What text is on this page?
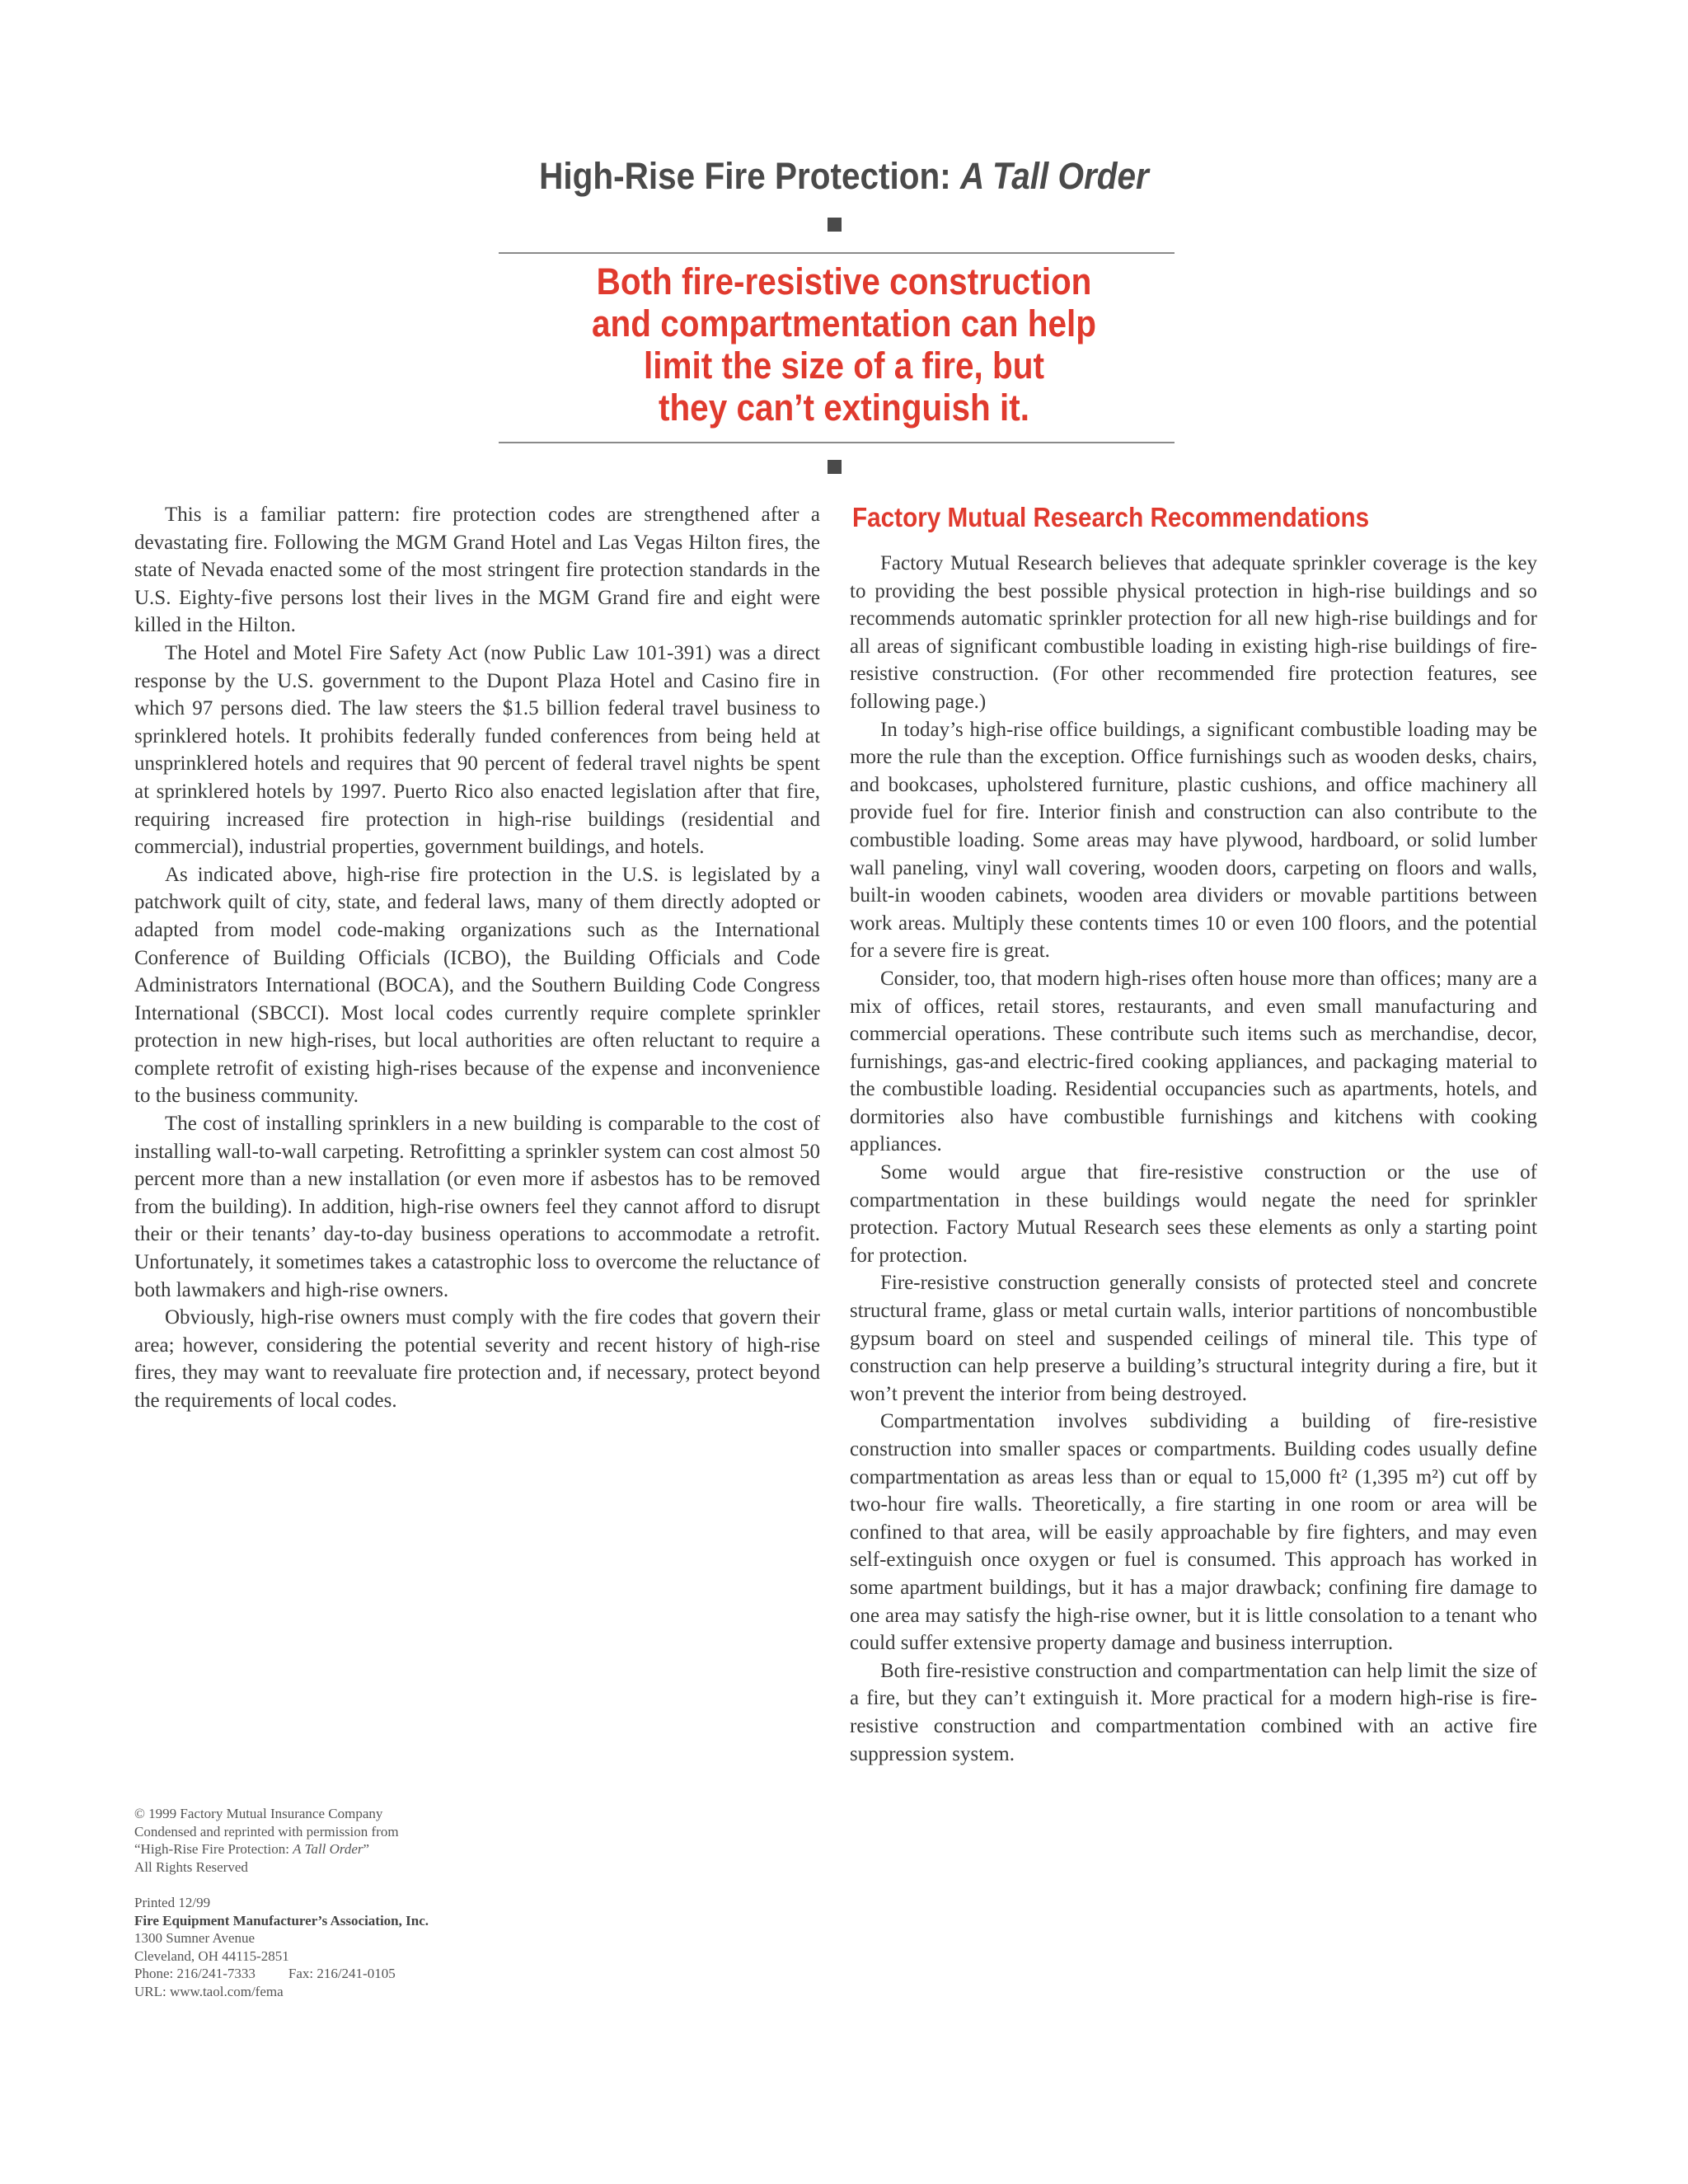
High-Rise Fire Protection: A Tall Order
Both fire-resistive construction
and compartmentation can help
limit the size of a fire, but
they can’t extinguish it.

This is a familiar pattern: fire protection codes are strengthened after a devastating fire. Following the MGM Grand Hotel and Las Vegas Hilton fires, the state of Nevada enacted some of the most stringent fire protection standards in the U.S. Eighty-five persons lost their lives in the MGM Grand fire and eight were killed in the Hilton.

The Hotel and Motel Fire Safety Act (now Public Law 101-391) was a direct response by the U.S. government to the Dupont Plaza Hotel and Casino fire in which 97 persons died. The law steers the $1.5 billion federal travel business to sprinklered hotels. It prohibits federally funded conferences from being held at unsprinklered hotels and requires that 90 percent of federal travel nights be spent at sprinklered hotels by 1997. Puerto Rico also enacted legislation after that fire, requiring increased fire protection in high-rise buildings (residential and commercial), industrial properties, government buildings, and hotels.

As indicated above, high-rise fire protection in the U.S. is legislated by a patchwork quilt of city, state, and federal laws, many of them directly adopted or adapted from model code-making organizations such as the International Conference of Building Officials (ICBO), the Building Officials and Code Administrators International (BOCA), and the Southern Building Code Congress International (SBCCI). Most local codes currently require complete sprinkler protection in new high-rises, but local authorities are often reluctant to require a complete retrofit of existing high-rises because of the expense and inconvenience to the business community.

The cost of installing sprinklers in a new building is comparable to the cost of installing wall-to-wall carpeting. Retrofitting a sprinkler system can cost almost 50 percent more than a new installation (or even more if asbestos has to be removed from the building). In addition, high-rise owners feel they cannot afford to disrupt their or their tenants’ day-to-day business operations to accommodate a retrofit. Unfortunately, it sometimes takes a catastrophic loss to overcome the reluctance of both lawmakers and high-rise owners.

Obviously, high-rise owners must comply with the fire codes that govern their area; however, considering the potential severity and recent history of high-rise fires, they may want to reevaluate fire protection and, if necessary, protect beyond the requirements of local codes.

Factory Mutual Research Recommendations

Factory Mutual Research believes that adequate sprinkler coverage is the key to providing the best possible physical protection in high-rise buildings and so recommends automatic sprinkler protection for all new high-rise buildings and for all areas of significant combustible loading in existing high-rise buildings of fire-resistive construction. (For other recommended fire protection features, see following page.)

In today’s high-rise office buildings, a significant combustible loading may be more the rule than the exception. Office furnishings such as wooden desks, chairs, and bookcases, upholstered furniture, plastic cushions, and office machinery all provide fuel for fire. Interior finish and construction can also contribute to the combustible loading. Some areas may have plywood, hardboard, or solid lumber wall paneling, vinyl wall covering, wooden doors, carpeting on floors and walls, built-in wooden cabinets, wooden area dividers or movable partitions between work areas. Multiply these contents times 10 or even 100 floors, and the potential for a severe fire is great.

Consider, too, that modern high-rises often house more than offices; many are a mix of offices, retail stores, restaurants, and even small manufacturing and commercial operations. These contribute such items such as merchandise, decor, furnishings, gas-and electric-fired cooking appliances, and packaging material to the combustible loading. Residential occupancies such as apartments, hotels, and dormitories also have combustible furnishings and kitchens with cooking appliances.

Some would argue that fire-resistive construction or the use of compartmentation in these buildings would negate the need for sprinkler protection. Factory Mutual Research sees these elements as only a starting point for protection.

Fire-resistive construction generally consists of protected steel and concrete structural frame, glass or metal curtain walls, interior partitions of noncombustible gypsum board on steel and suspended ceilings of mineral tile. This type of construction can help preserve a building’s structural integrity during a fire, but it won’t prevent the interior from being destroyed.

Compartmentation involves subdividing a building of fire-resistive construction into smaller spaces or compartments. Building codes usually define compartmentation as areas less than or equal to 15,000 ft² (1,395 m²) cut off by two-hour fire walls. Theoretically, a fire starting in one room or area will be confined to that area, will be easily approachable by fire fighters, and may even self-extinguish once oxygen or fuel is consumed. This approach has worked in some apartment buildings, but it has a major drawback; confining fire damage to one area may satisfy the high-rise owner, but it is little consolation to a tenant who could suffer extensive property damage and business interruption.

Both fire-resistive construction and compartmentation can help limit the size of a fire, but they can’t extinguish it. More practical for a modern high-rise is fire-resistive construction and compartmentation combined with an active fire suppression system.

© 1999 Factory Mutual Insurance Company
Condensed and reprinted with permission from
“High-Rise Fire Protection: A Tall Order”
All Rights Reserved
Printed 12/99
Fire Equipment Manufacturer’s Association, Inc.
1300 Sumner Avenue
Cleveland, OH 44115-2851
Phone: 216/241-7333 Fax: 216/241-0105
URL: www.taol.com/fema
